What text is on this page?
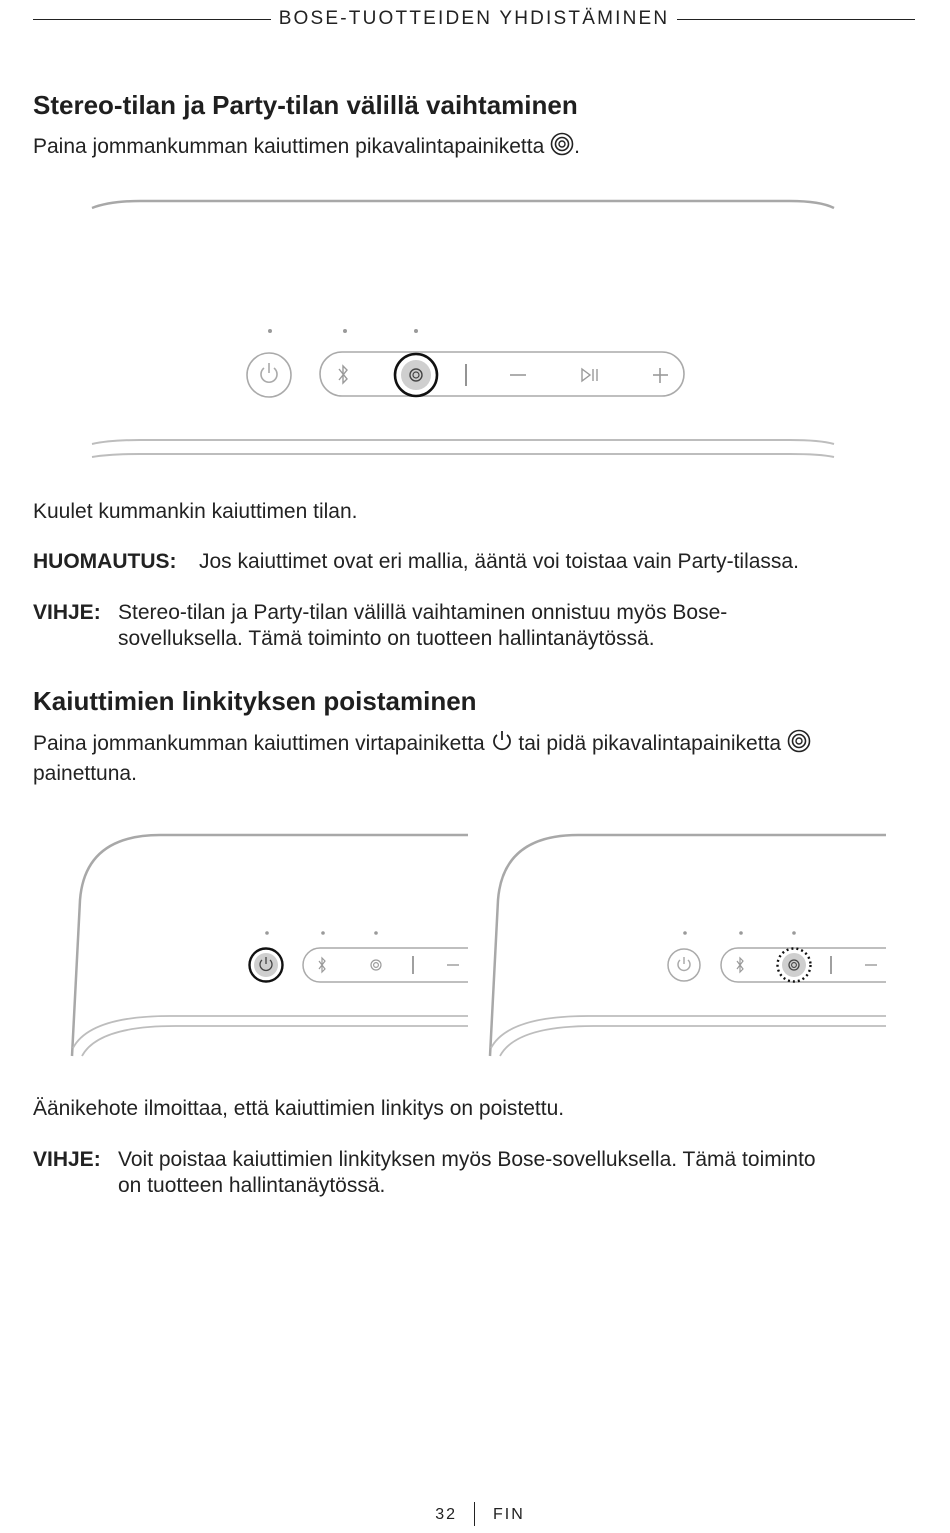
BOSE-TUOTTEIDEN YHDISTÄMINEN
Stereo-tilan ja Party-tilan välillä vaihtaminen

Paina jommankumman kaiuttimen pikavalintapainiketta .

Kuulet kummankin kaiuttimen tilan.

HUOMAUTUS: Jos kaiuttimet ovat eri mallia, ääntä voi toistaa vain Party-tilassa.
VIHJE: Stereo-tilan ja Party-tilan välillä vaihtaminen onnistuu myös Bose-
sovelluksella. Tämä toiminto on tuotteen hallintanäytössä.
Kaiuttimien linkityksen poistaminen

Paina jommankumman kaiuttimen virtapainiketta tai pidä pikavalintapainiketta
painettuna.

Äänikehote ilmoittaa, että kaiuttimien linkitys on poistettu.

VIHJE: Voit poistaa kaiuttimien linkityksen myös Bose-sovelluksella. Tämä toiminto
on tuotteen hallintanäytössä.
32 FIN
